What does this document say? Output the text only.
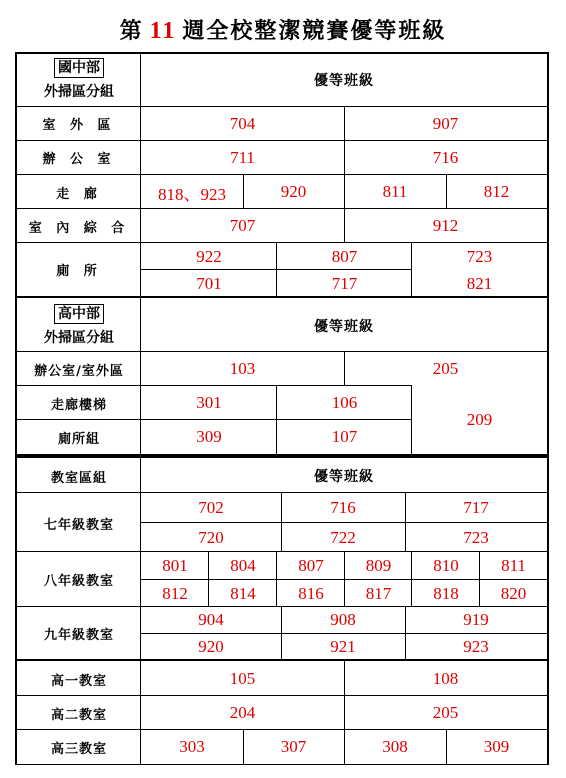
第 11 週全校整潔競賽優等班級
國中部
外掃區分組
優等班級
室 外 區	704	907
辦 公 室	711	716
走 廊	818、923	920	811	812
室 內 綜 合	707	912
廁 所
922	807	723
701	717	821
高中部
外掃區分組
優等班級
辦公室/室外區	103	205
走廊樓梯	301	106
廁所組	309	107
209
教室區組	優等班級
七年級教室
702	716	717
720	722	723
八年級教室
801	804	807	809	810	811
812	814	816	817	818	820
九年級教室
904	908	919
920	921	923
高一教室	105	108
高二教室	204	205
高三教室	303	307	308	309
